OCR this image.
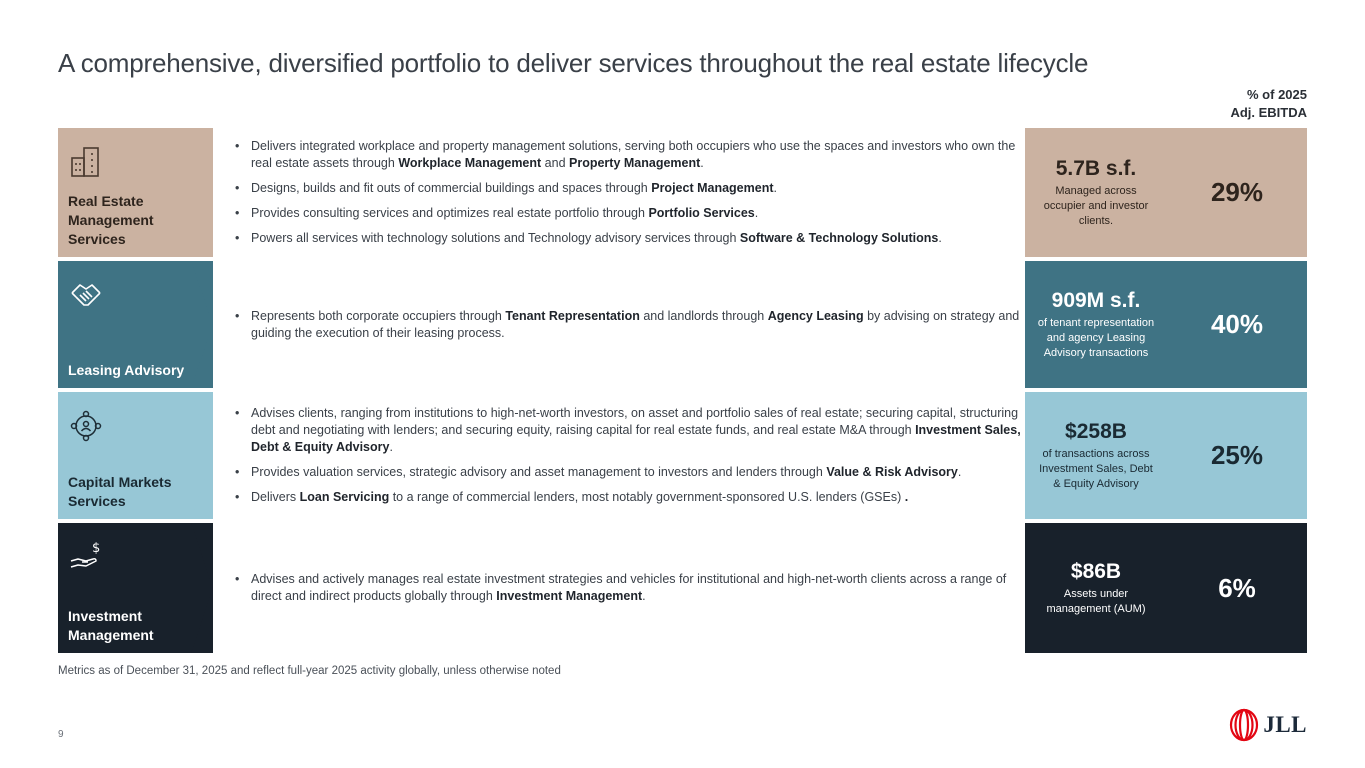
A comprehensive, diversified portfolio to deliver services throughout the real estate lifecycle
% of 2025
Adj. EBITDA
Real Estate Management Services
• Delivers integrated workplace and property management solutions, serving both occupiers who use the spaces and investors who own the real estate assets through Workplace Management and Property Management.
• Designs, builds and fit outs of commercial buildings and spaces through Project Management.
• Provides consulting services and optimizes real estate portfolio through Portfolio Services.
• Powers all services with technology solutions and Technology advisory services through Software & Technology Solutions.
5.7B s.f.
Managed across occupier and investor clients.
29%
Leasing Advisory
• Represents both corporate occupiers through Tenant Representation and landlords through Agency Leasing by advising on strategy and guiding the execution of their leasing process.
909M s.f.
of tenant representation and agency Leasing Advisory transactions
40%
Capital Markets Services
• Advises clients, ranging from institutions to high-net-worth investors, on asset and portfolio sales of real estate; securing capital, structuring debt and negotiating with lenders; and securing equity, raising capital for real estate funds, and real estate M&A through Investment Sales, Debt & Equity Advisory.
• Provides valuation services, strategic advisory and asset management to investors and lenders through Value & Risk Advisory.
• Delivers Loan Servicing to a range of commercial lenders, most notably government-sponsored U.S. lenders (GSEs) .
$258B
of transactions across Investment Sales, Debt & Equity Advisory
25%
$
Investment Management
• Advises and actively manages real estate investment strategies and vehicles for institutional and high-net-worth clients across a range of direct and indirect products globally through Investment Management.
$86B
Assets under management (AUM)
6%
Metrics as of December 31, 2025 and reflect full-year 2025 activity globally, unless otherwise noted
9	JLL
